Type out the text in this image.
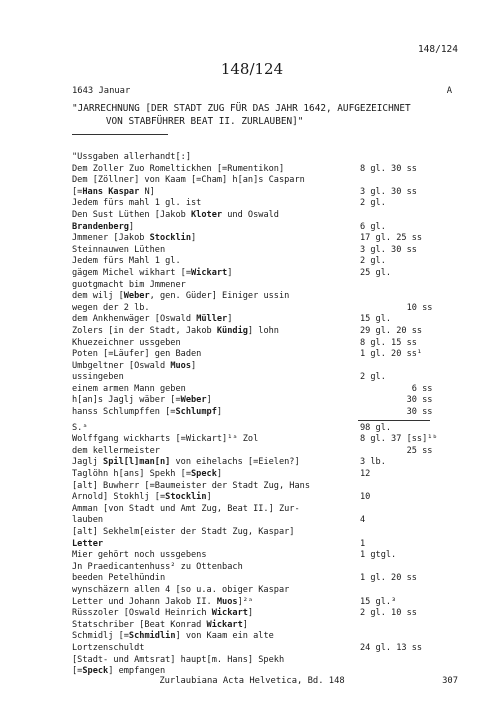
148/124
148/124
1643 Januar	A
"JARRECHNUNG [DER STADT ZUG FÜR DAS JAHR 1642, AUFGEZEICHNET
VON STABFÜHRER BEAT II. ZURLAUBEN]"
"Ussgaben allerhandt[:]
Dem Zoller Zuo Romeltickhen [=Rumentikon]	8 gl. 30 ss
Dem [Zöllner] von Kaam [=Cham] h[an]s Casparn
[=Hans Kaspar N]	3 gl. 30 ss
Jedem fürs mahl 1 gl. ist	2 gl.
Den Sust Lüthen [Jakob Kloter und Oswald
Brandenberg]	6 gl.
Jmmener [Jakob Stocklin]	17 gl. 25 ss
Steinnauwen Lüthen	3 gl. 30 ss
Jedem fürs Mahl 1 gl.	2 gl.
gägem Michel wikhart [=Wickart]	25 gl.
guotgmacht bim Jmmener
dem wilj [Weber, gen. Güder] Einiger ussin
wegen der 2 lb.	10 ss
dem Ankhenwäger [Oswald Müller]	15 gl.
Zolers [in der Stadt, Jakob Kündig] lohn	29 gl. 20 ss
Khuezeichner ussgeben	8 gl. 15 ss
Poten [=Läufer] gen Baden	1 gl. 20 ss¹
Umbgeltner [Oswald Muos]
ussingeben	2 gl.
einem armen Mann geben	6 ss
h[an]s Jaglj wäber [=Weber]	30 ss
hanss Schlumpffen [=Schlumpf]	30 ss
S.ᵃ	98 gl.
Wolffgang wickharts [=Wickart]¹ᵃ Zol	8 gl. 37 [ss]¹ᵇ
dem kellermeister	25 ss
Jaglj Spil[l]man[n] von eihelachs [=Eielen?]	3 lb.
Taglöhn h[ans] Spekh [=Speck]	12
[alt] Buwherr [=Baumeister der Stadt Zug, Hans
Arnold] Stokhlj [=Stocklin]	10
Amman [von Stadt und Amt Zug, Beat II.] Zur-
lauben	4
[alt] Sekhelm[eister der Stadt Zug, Kaspar]
Letter	1
Mier gehört noch ussgebens	1 gtgl.
Jn Praedicantenhuss² zu Ottenbach
beeden Petelhündin	1 gl. 20 ss
wynschäzern allen 4 [so u.a. obiger Kaspar
Letter und Johann Jakob II. Muos]²ᵃ	15 gl.³
Rüsszoler [Oswald Heinrich Wickart]	2 gl. 10 ss
Statschriber [Beat Konrad Wickart]
Schmidlj [=Schmidlin] von Kaam ein alte
Lortzenschuldt	24 gl. 13 ss
[Stadt- und Amtsrat] haupt[m. Hans] Spekh
[=Speck] empfangen
Zurlaubiana Acta Helvetica, Bd. 148	307
